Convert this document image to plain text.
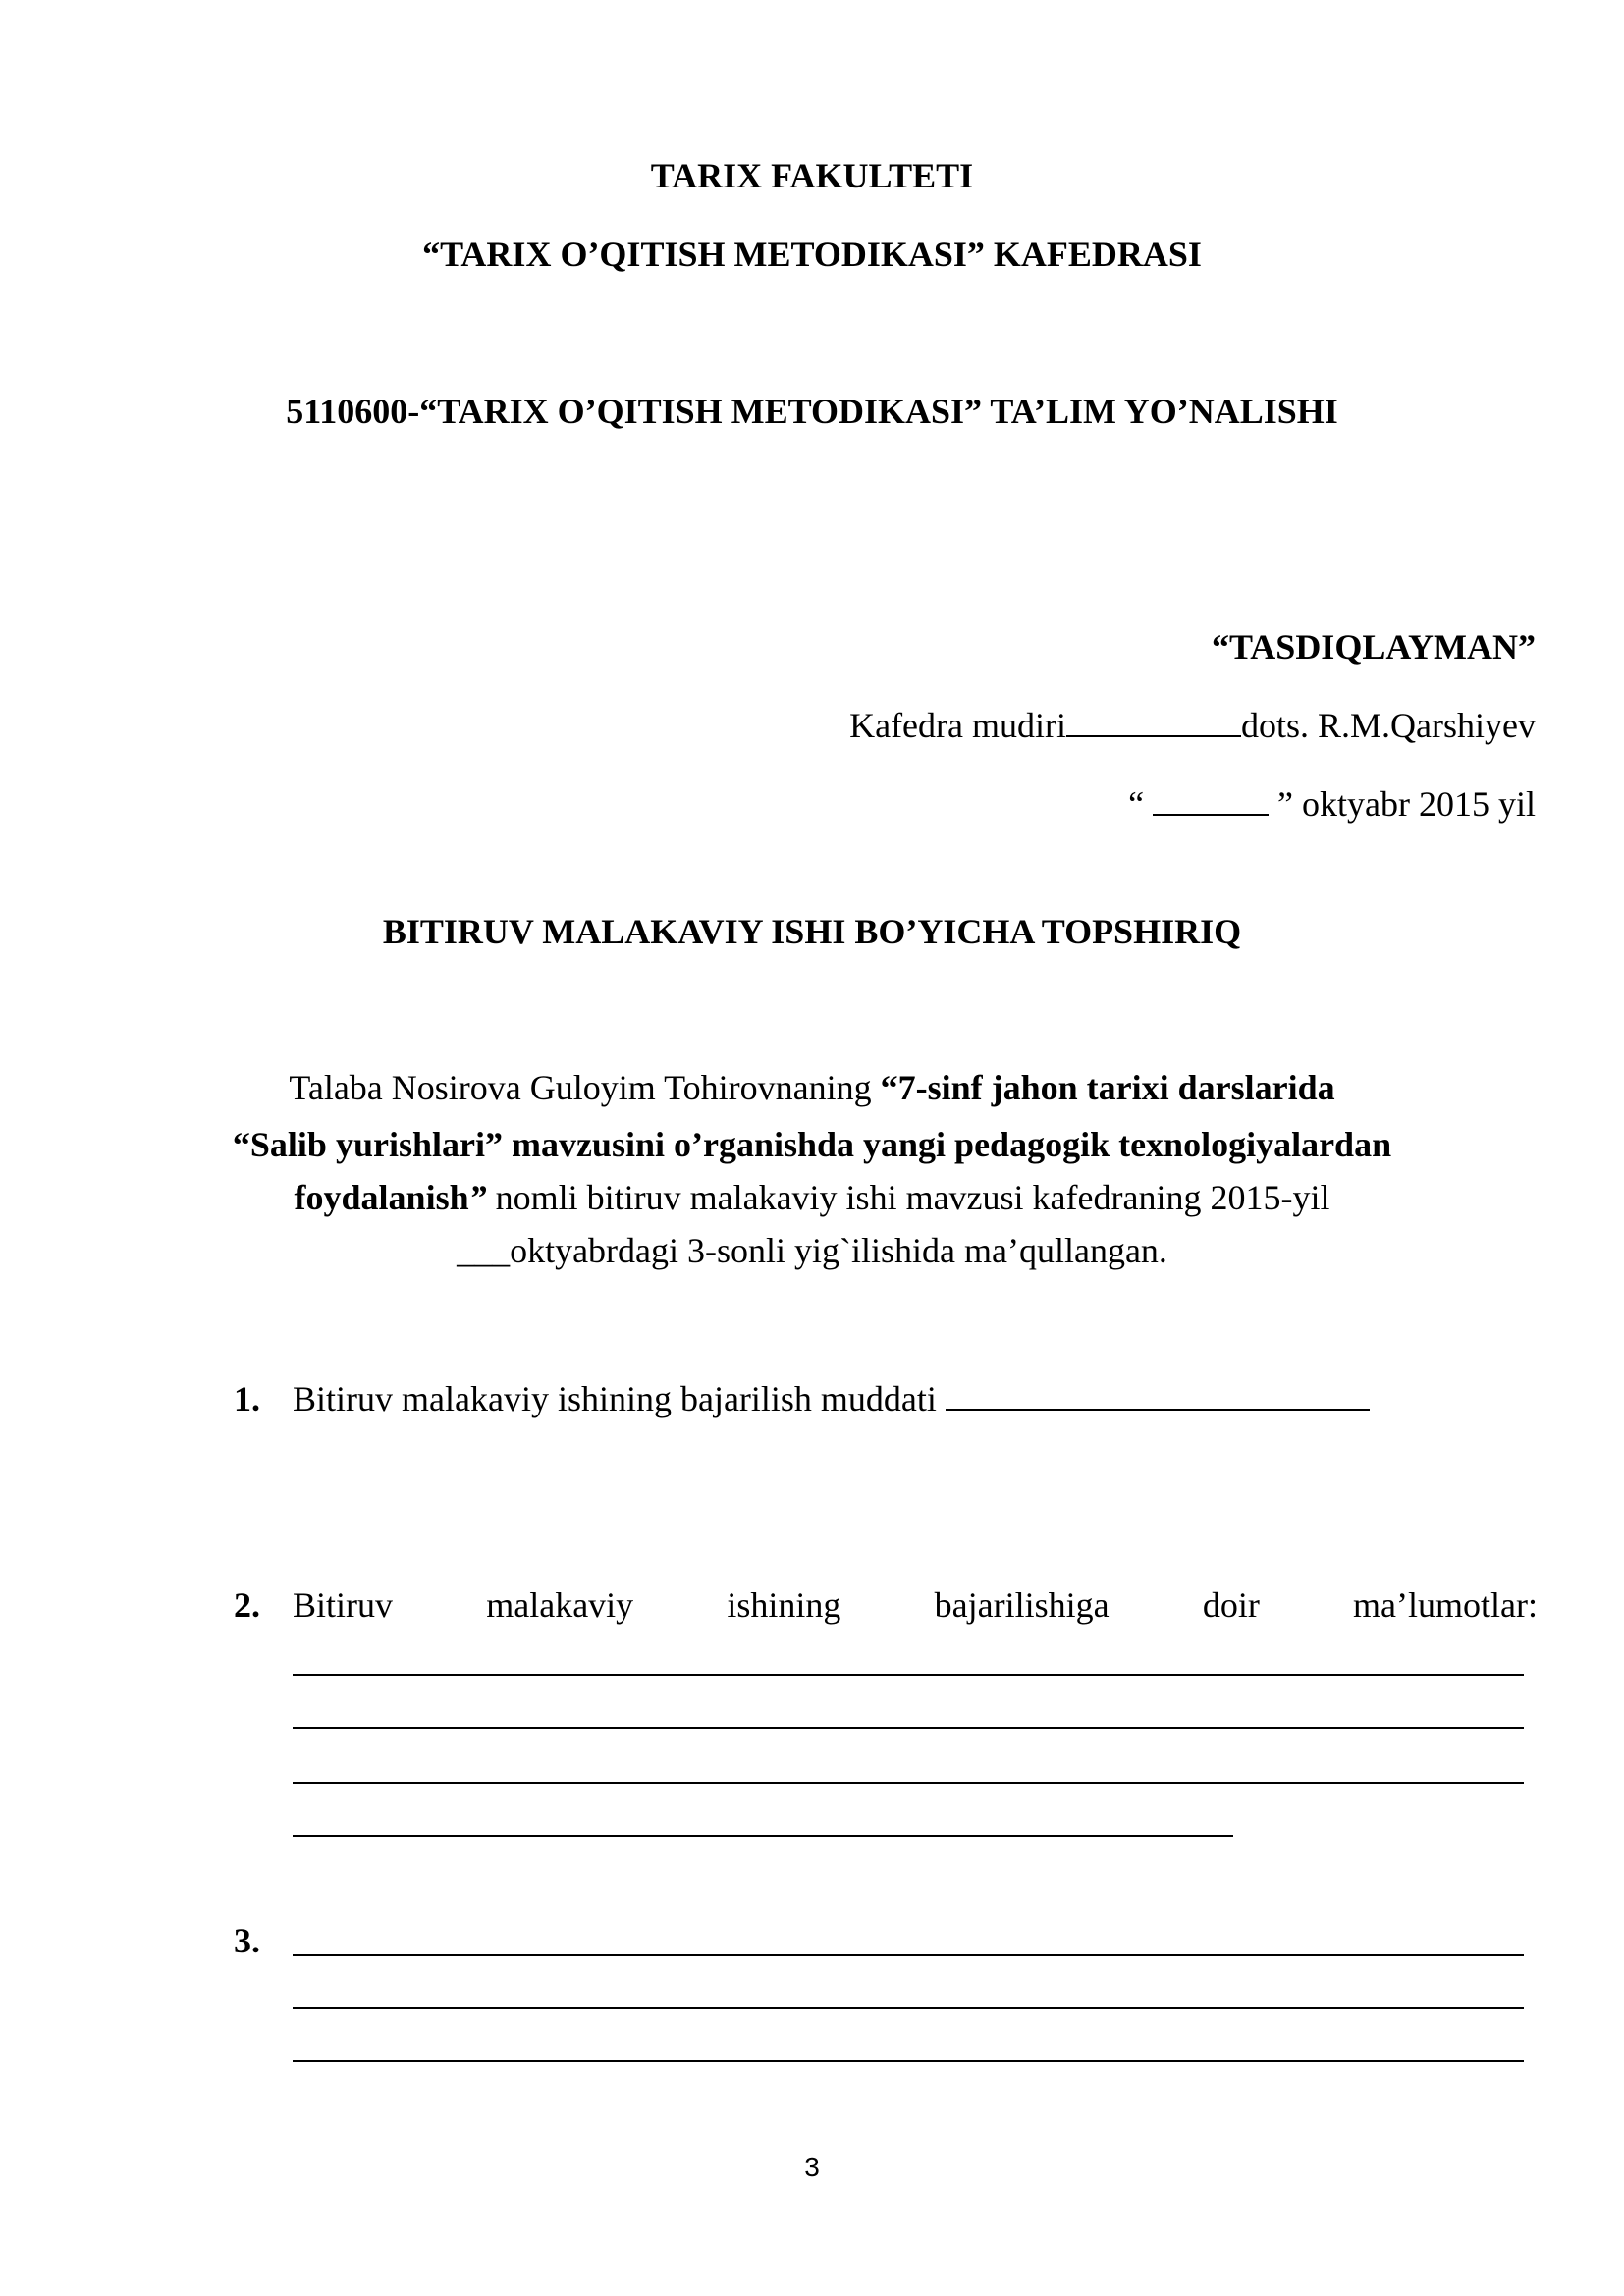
TARIX FAKULTETI
“TARIX O’QITISH METODIKASI” KAFEDRASI
5110600-“TARIX O’QITISH METODIKASI” TA’LIM YO’NALISHI
“TASDIQLAYMAN”
Kafedra mudiri	dots. R.M.Qarshiyev
“	” oktyabr 2015 yil
BITIRUV MALAKAVIY ISHI BO’YICHA TOPSHIRIQ
Talaba Nosirova Guloyim Tohirovnaning “7-sinf jahon tarixi darslarida
“Salib yurishlari” mavzusini o’rganishda yangi pedagogik texnologiyalardan
foydalanish” nomli bitiruv malakaviy ishi mavzusi kafedraning 2015-yil
___oktyabrdagi 3-sonli yig`ilishida ma’qullangan.
1. Bitiruv malakaviy ishining bajarilish muddati
2. Bitiruv	malakaviy	ishining	bajarilishiga	doir	ma’lumotlar:
3.
3
